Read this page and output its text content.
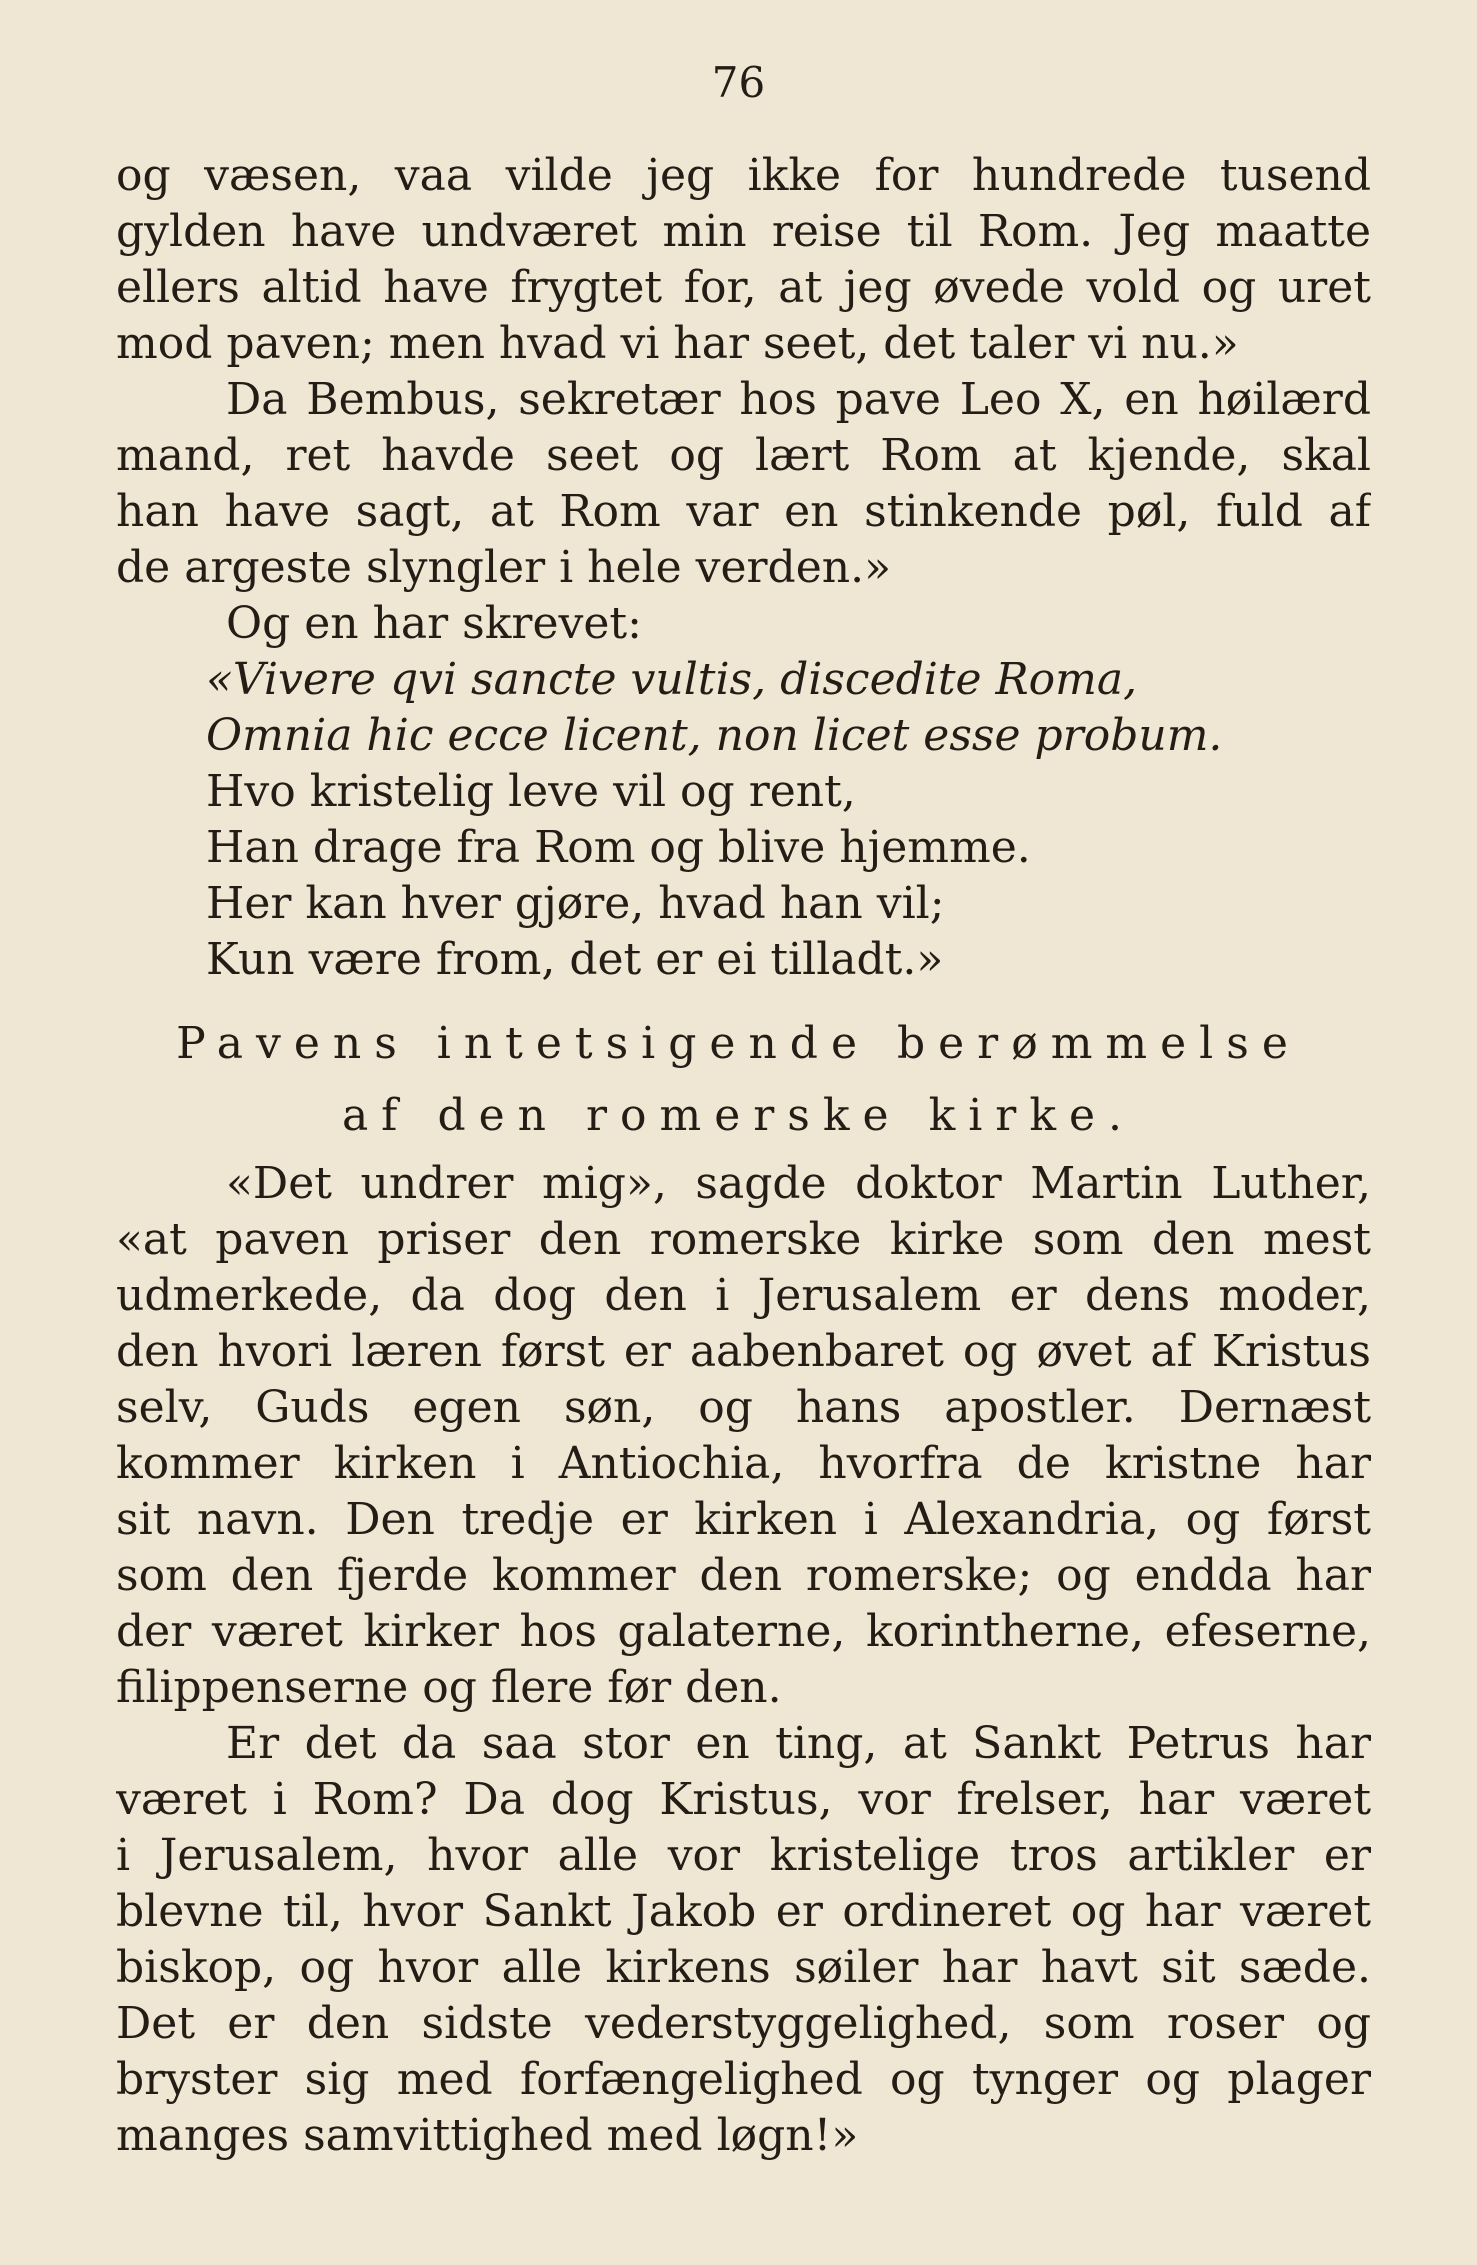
76
og væsen, vaa vilde jeg ikke for hundrede tusend
gylden have undværet min reise til Rom. Jeg maatte
ellers altid have frygtet for, at jeg øvede vold og uret
mod paven; men hvad vi har seet, det taler vi nu.»
Da Bembus, sekretær hos pave Leo X, en høilærd
mand, ret havde seet og lært Rom at kjende, skal
han have sagt, at Rom var en stinkende pøl, fuld af
de argeste slyngler i hele verden.»
Og en har skrevet:
«Vivere qvi sancte vultis, discedite Roma,
Omnia hic ecce licent, non licet esse probum.
Hvo kristelig leve vil og rent,
Han drage fra Rom og blive hjemme.
Her kan hver gjøre, hvad han vil;
Kun være from, det er ei tilladt.»
Pavens intetsigende berømmelse
af den romerske kirke.
«Det undrer mig», sagde doktor Martin Luther,
«at paven priser den romerske kirke som den mest
udmerkede, da dog den i Jerusalem er dens moder,
den hvori læren først er aabenbaret og øvet af Kristus
selv, Guds egen søn, og hans apostler. Dernæst
kommer kirken i Antiochia, hvorfra de kristne har
sit navn. Den tredje er kirken i Alexandria, og først
som den fjerde kommer den romerske; og endda har
der været kirker hos galaterne, korintherne, efeserne,
filippenserne og flere før den.
Er det da saa stor en ting, at Sankt Petrus har
været i Rom? Da dog Kristus, vor frelser, har været
i Jerusalem, hvor alle vor kristelige tros artikler er
blevne til, hvor Sankt Jakob er ordineret og har været
biskop, og hvor alle kirkens søiler har havt sit sæde.
Det er den sidste vederstyggelighed, som roser og
bryster sig med forfængelighed og tynger og plager
manges samvittighed med løgn!»
